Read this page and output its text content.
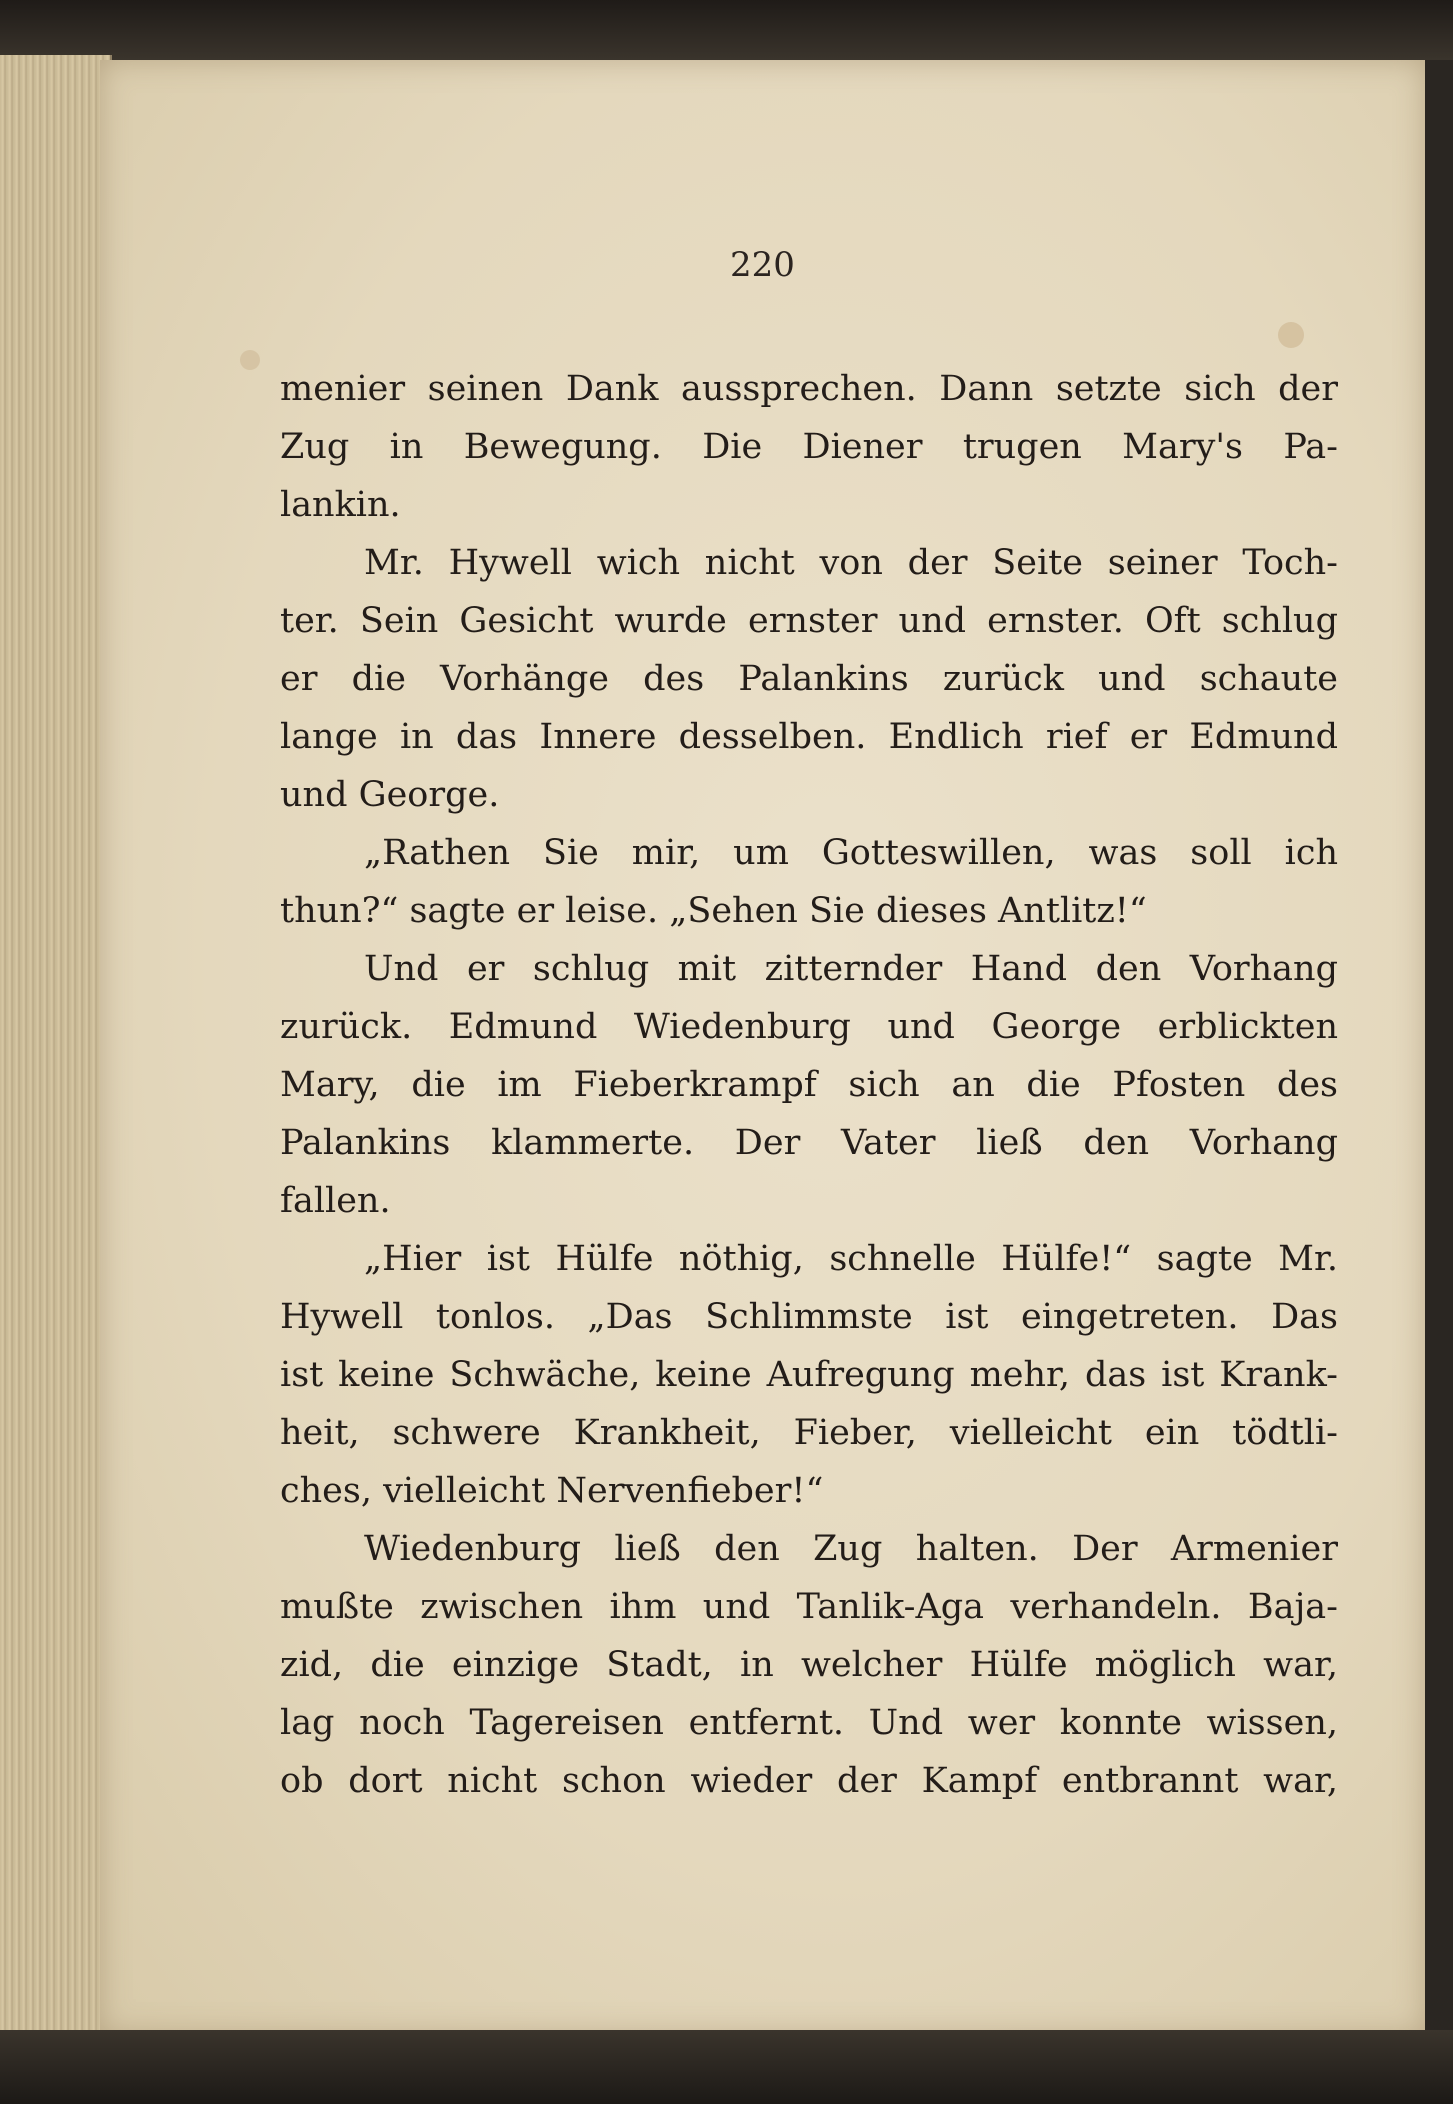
220
menier seinen Dank aussprechen. Dann setzte sich der
Zug in Bewegung. Die Diener trugen Mary's Pa-
lankin.
Mr. Hywell wich nicht von der Seite seiner Toch-
ter. Sein Gesicht wurde ernster und ernster. Oft schlug
er die Vorhänge des Palankins zurück und schaute
lange in das Innere desselben. Endlich rief er Edmund
und George.
„Rathen Sie mir, um Gotteswillen, was soll ich
thun?“ sagte er leise. „Sehen Sie dieses Antlitz!“
Und er schlug mit zitternder Hand den Vorhang
zurück. Edmund Wiedenburg und George erblickten
Mary, die im Fieberkrampf sich an die Pfosten des
Palankins klammerte. Der Vater ließ den Vorhang
fallen.
„Hier ist Hülfe nöthig, schnelle Hülfe!“ sagte Mr.
Hywell tonlos. „Das Schlimmste ist eingetreten. Das
ist keine Schwäche, keine Aufregung mehr, das ist Krank-
heit, schwere Krankheit, Fieber, vielleicht ein tödtli-
ches, vielleicht Nervenfieber!“
Wiedenburg ließ den Zug halten. Der Armenier
mußte zwischen ihm und Tanlik-Aga verhandeln. Baja-
zid, die einzige Stadt, in welcher Hülfe möglich war,
lag noch Tagereisen entfernt. Und wer konnte wissen,
ob dort nicht schon wieder der Kampf entbrannt war,
